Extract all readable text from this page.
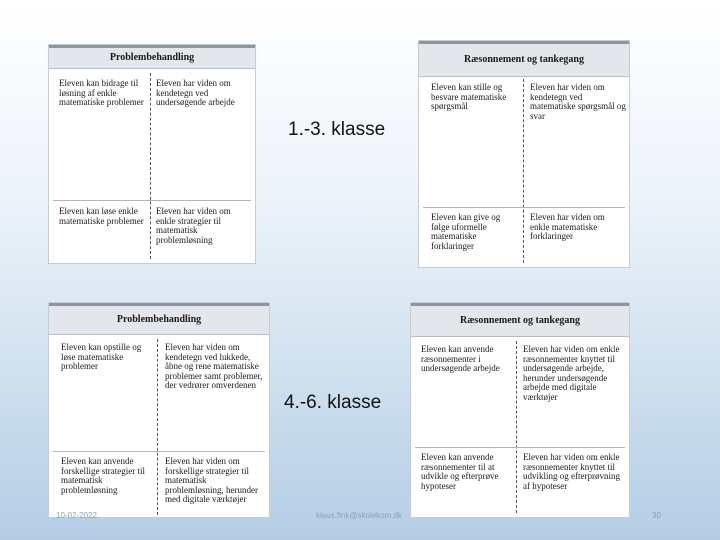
Problembehandling
Eleven kan bidrage til løsning af enkle matematiske problemer
Eleven har viden om kendetegn ved undersøgende arbejde
Eleven kan løse enkle matematiske problemer
Eleven har viden om enkle strategier til matematisk problemløsning
Ræsonnement og tankegang
Eleven kan stille og besvare matematiske spørgsmål
Eleven har viden om kendetegn ved matematiske spørgsmål og svar
Eleven kan give og følge uformelle matematiske forklaringer
Eleven har viden om enkle matematiske forklaringer
Problembehandling
Eleven kan opstille og løse matematiske problemer
Eleven har viden om kendetegn ved lukkede, åbne og rene matematiske problemer samt problemer, der vedrører omverdenen
Eleven kan anvende forskellige strategier til matematisk problemløsning
Eleven har viden om forskellige strategier til matematisk problemløsning, herunder med digitale værktøjer
Ræsonnement og tankegang
Eleven kan anvende ræsonnementer i undersøgende arbejde
Eleven har viden om enkle ræsonnementer knyttet til undersøgende arbejde, herunder undersøgende arbejde med digitale værktøjer
Eleven kan anvende ræsonnementer til at udvikle og efterprøve hypoteser
Eleven har viden om enkle ræsonnementer knyttet til udvikling og efterprøvning af hypoteser
1.-3. klasse
4.-6. klasse
10-02-2022	klaus.fink@skolekom.dk	30
